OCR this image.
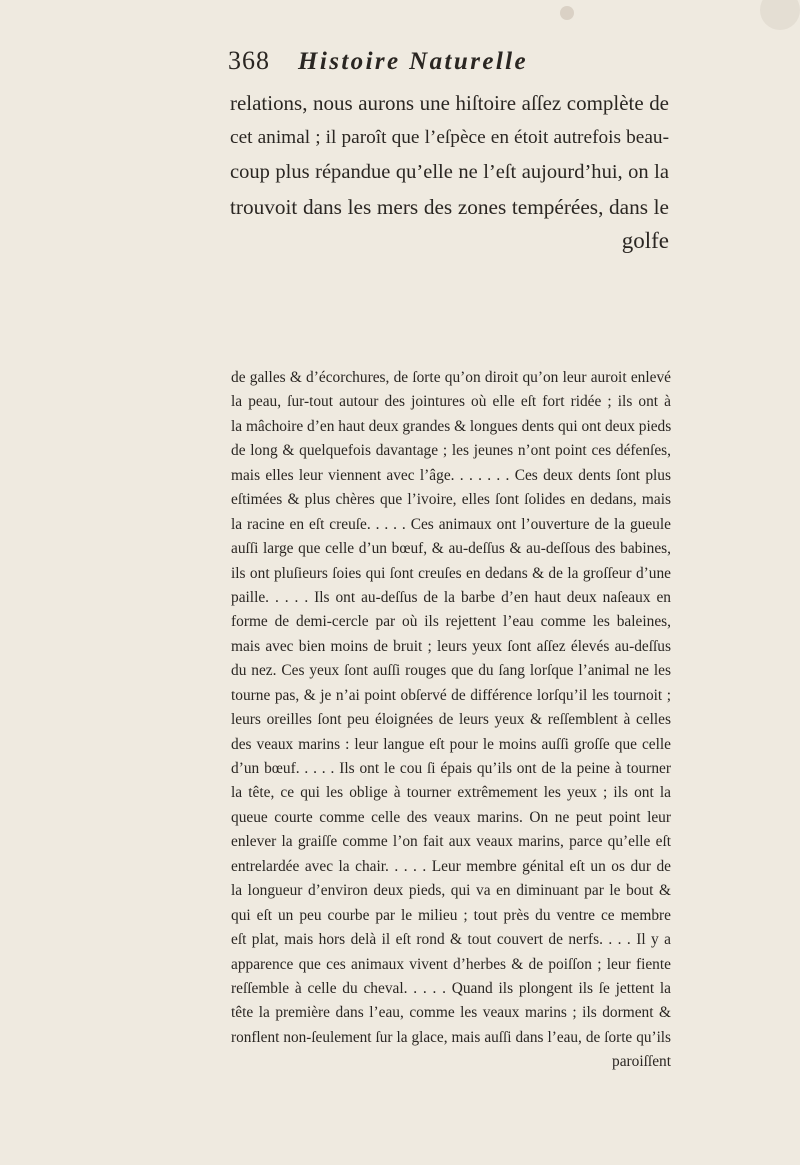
368 Histoire Naturelle
relations, nous aurons une hiſtoire aſſez complète de
cet animal ; il paroît que l’eſpèce en étoit autrefois beau-
coup plus répandue qu’elle ne l’eſt aujourd’hui, on la
trouvoit dans les mers des zones tempérées, dans le
golfe
de galles & d’écorchures, de ſorte qu’on diroit qu’on leur auroit enlevé
la peau, ſur-tout autour des jointures où elle eſt fort ridée ; ils ont à
la mâchoire d’en haut deux grandes & longues dents qui ont deux pieds
de long & quelquefois davantage ; les jeunes n’ont point ces défenſes,
mais elles leur viennent avec l’âge. . . . . . . Ces deux dents ſont plus
eſtimées & plus chères que l’ivoire, elles ſont ſolides en dedans, mais
la racine en eſt creuſe. . . . . Ces animaux ont l’ouverture de la gueule
auſſi large que celle d’un bœuf, & au-deſſus & au-deſſous des babines,
ils ont pluſieurs ſoies qui ſont creuſes en dedans & de la groſſeur d’une
paille. . . . . Ils ont au-deſſus de la barbe d’en haut deux naſeaux en
forme de demi-cercle par où ils rejettent l’eau comme les baleines,
mais avec bien moins de bruit ; leurs yeux ſont aſſez élevés au-deſſus
du nez. Ces yeux ſont auſſi rouges que du ſang lorſque l’animal ne les
tourne pas, & je n’ai point obſervé de différence lorſqu’il les tournoit ;
leurs oreilles ſont peu éloignées de leurs yeux & reſſemblent à celles
des veaux marins : leur langue eſt pour le moins auſſi groſſe que celle
d’un bœuf. . . . . Ils ont le cou ſi épais qu’ils ont de la peine à tourner
la tête, ce qui les oblige à tourner extrêmement les yeux ; ils ont la
queue courte comme celle des veaux marins. On ne peut point leur
enlever la graiſſe comme l’on fait aux veaux marins, parce qu’elle eſt
entrelardée avec la chair. . . . . Leur membre génital eſt un os dur de
la longueur d’environ deux pieds, qui va en diminuant par le bout &
qui eſt un peu courbe par le milieu ; tout près du ventre ce membre
eſt plat, mais hors delà il eſt rond & tout couvert de nerfs. . . . Il y a
apparence que ces animaux vivent d’herbes & de poiſſon ; leur fiente
reſſemble à celle du cheval. . . . . Quand ils plongent ils ſe jettent la
tête la première dans l’eau, comme les veaux marins ; ils dorment &
ronflent non-ſeulement ſur la glace, mais auſſi dans l’eau, de ſorte qu’ils
paroiſſent
